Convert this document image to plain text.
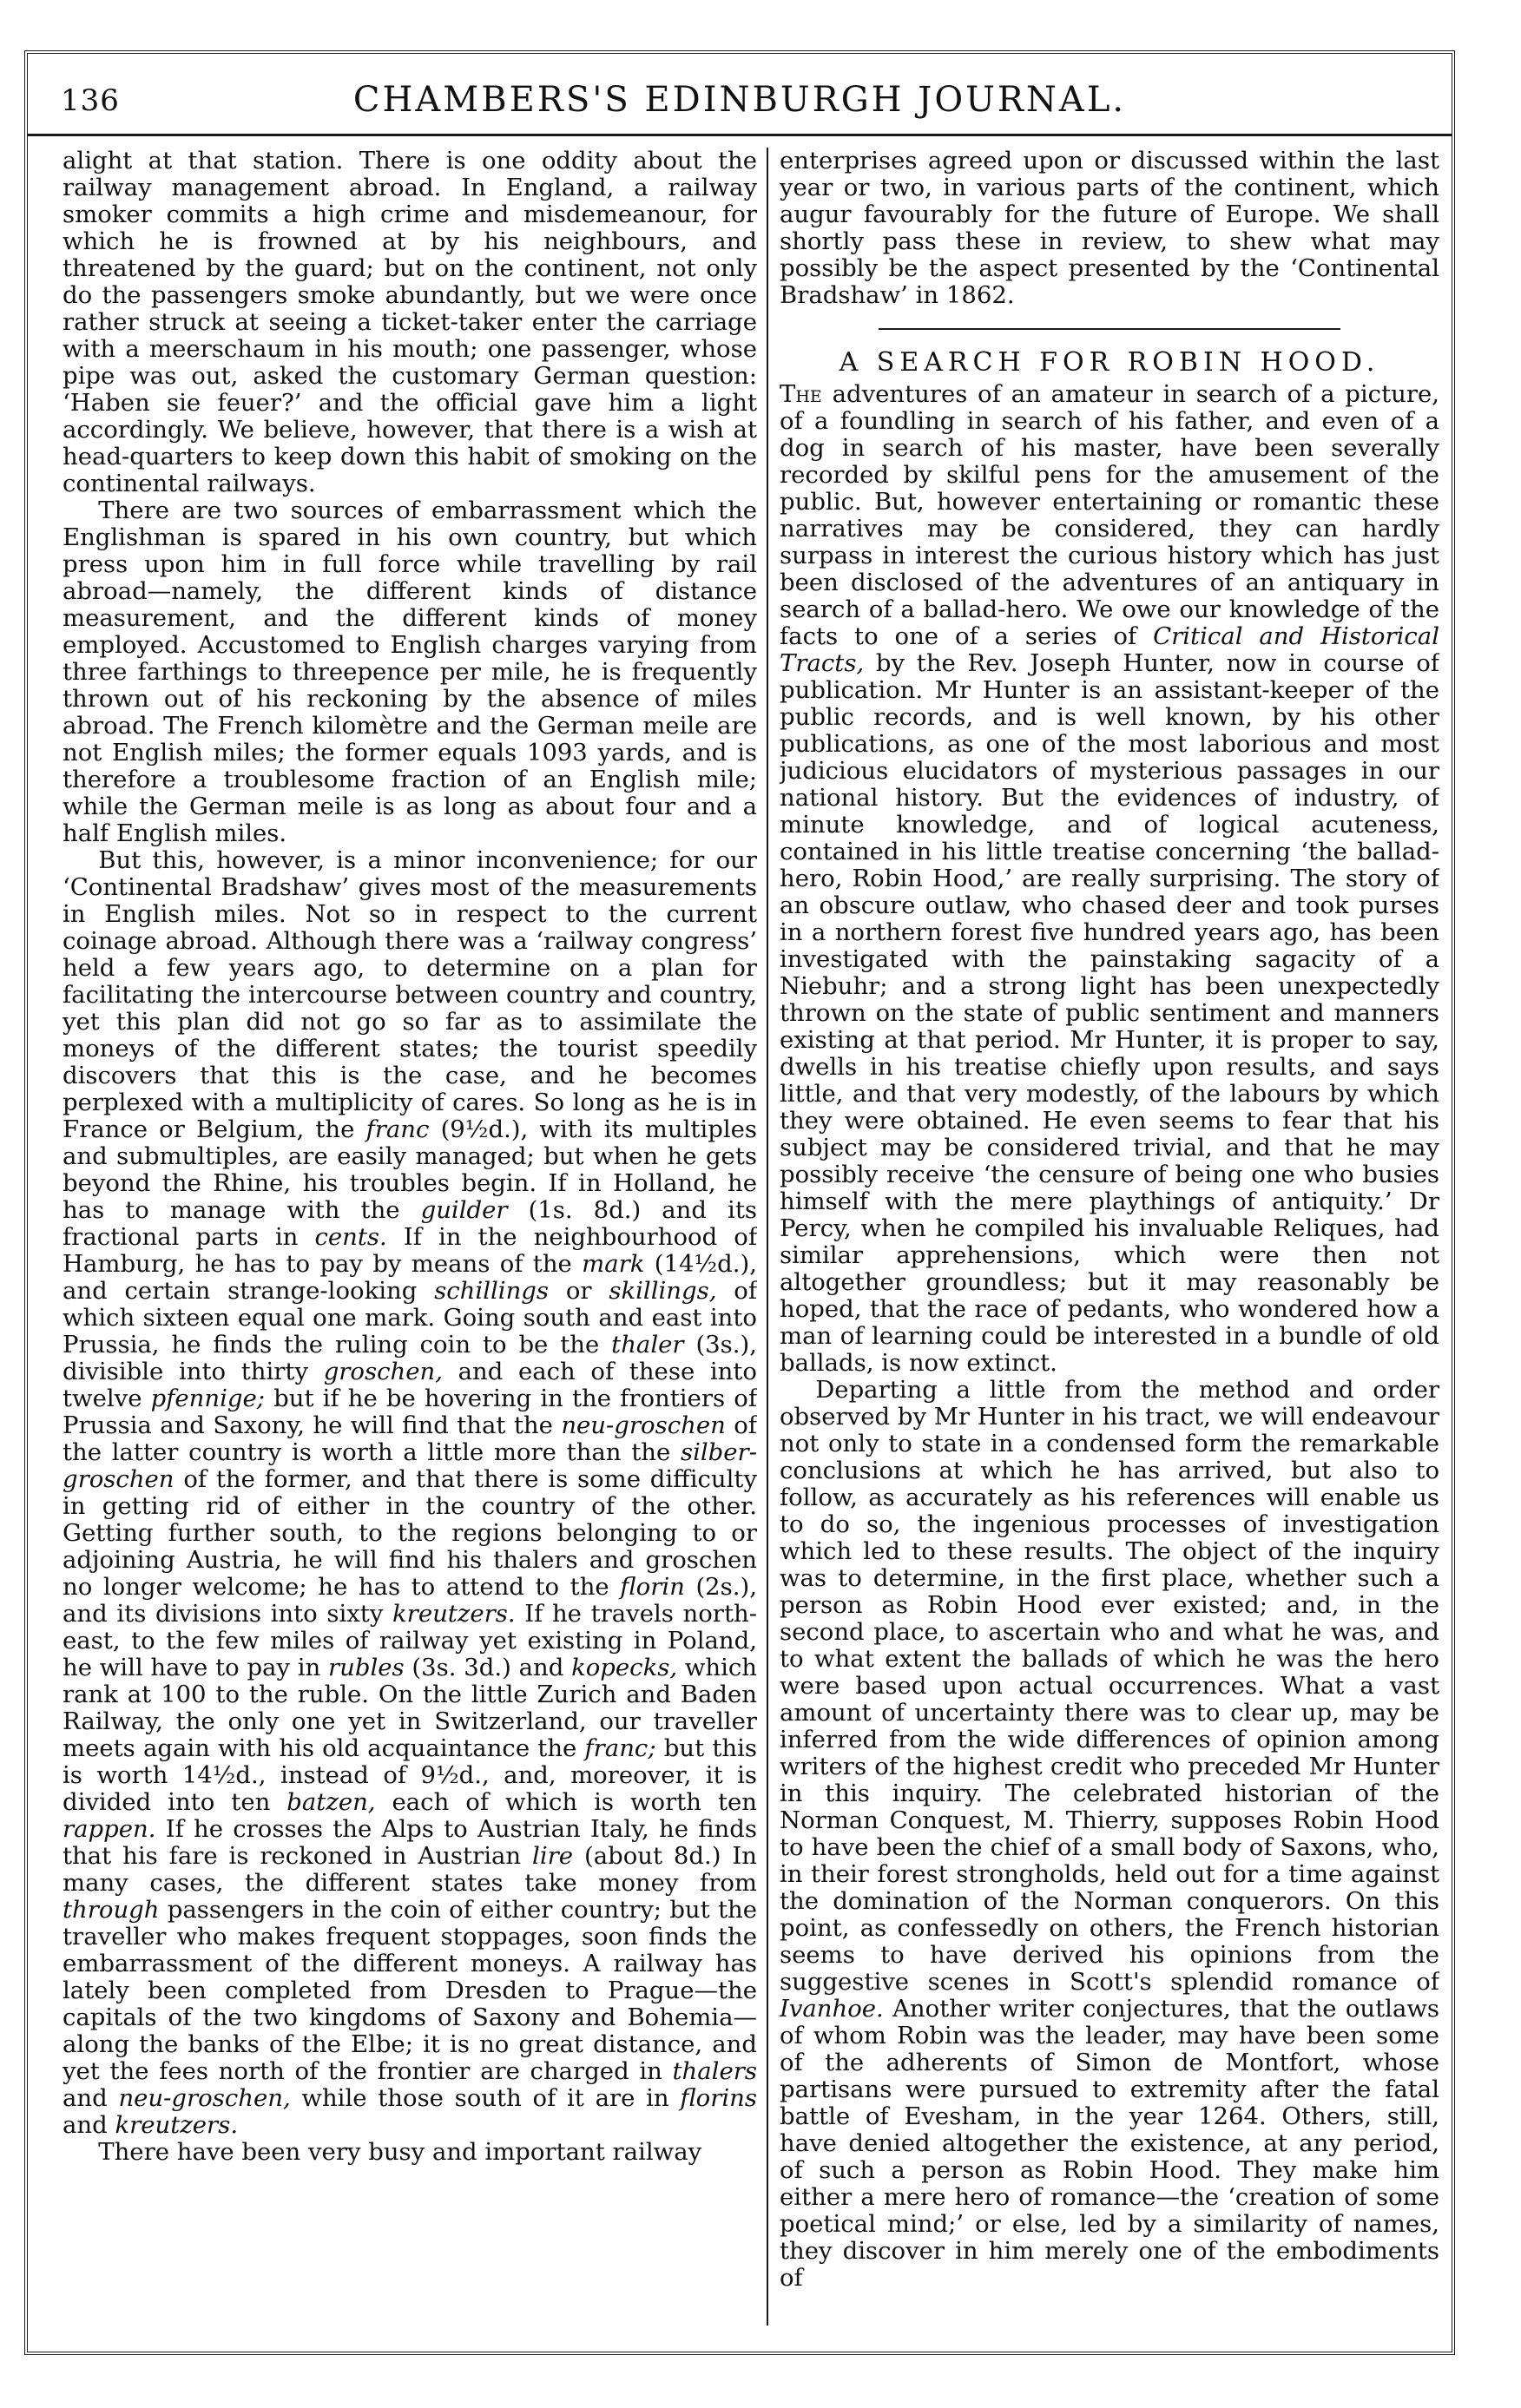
136	CHAMBERS'S EDINBURGH JOURNAL.

alight at that station. There is one oddity about the railway management abroad. In England, a railway smoker commits a high crime and misdemeanour, for which he is frowned at by his neighbours, and threatened by the guard; but on the continent, not only do the passengers smoke abundantly, but we were once rather struck at seeing a ticket-taker enter the carriage with a meerschaum in his mouth; one passenger, whose pipe was out, asked the customary German question: ‘Haben sie feuer?’ and the official gave him a light accordingly. We believe, however, that there is a wish at head-quarters to keep down this habit of smoking on the continental railways.

There are two sources of embarrassment which the Englishman is spared in his own country, but which press upon him in full force while travelling by rail abroad—namely, the different kinds of distance measurement, and the different kinds of money employed. Accustomed to English charges varying from three farthings to threepence per mile, he is frequently thrown out of his reckoning by the absence of miles abroad. The French kilomètre and the German meile are not English miles; the former equals 1093 yards, and is therefore a troublesome fraction of an English mile; while the German meile is as long as about four and a half English miles.

But this, however, is a minor inconvenience; for our ‘Continental Bradshaw’ gives most of the measurements in English miles. Not so in respect to the current coinage abroad. Although there was a ‘railway congress’ held a few years ago, to determine on a plan for facilitating the intercourse between country and country, yet this plan did not go so far as to assimilate the moneys of the different states; the tourist speedily discovers that this is the case, and he becomes perplexed with a multiplicity of cares. So long as he is in France or Belgium, the franc (9½d.), with its multiples and submultiples, are easily managed; but when he gets beyond the Rhine, his troubles begin. If in Holland, he has to manage with the guilder (1s. 8d.) and its fractional parts in cents. If in the neighbourhood of Hamburg, he has to pay by means of the mark (14½d.), and certain strange-looking schillings or skillings, of which sixteen equal one mark. Going south and east into Prussia, he finds the ruling coin to be the thaler (3s.), divisible into thirty groschen, and each of these into twelve pfennige; but if he be hovering in the frontiers of Prussia and Saxony, he will find that the neu-groschen of the latter country is worth a little more than the silber-groschen of the former, and that there is some difficulty in getting rid of either in the country of the other. Getting further south, to the regions belonging to or adjoining Austria, he will find his thalers and groschen no longer welcome; he has to attend to the florin (2s.), and its divisions into sixty kreutzers. If he travels north-east, to the few miles of railway yet existing in Poland, he will have to pay in rubles (3s. 3d.) and kopecks, which rank at 100 to the ruble. On the little Zurich and Baden Railway, the only one yet in Switzerland, our traveller meets again with his old acquaintance the franc; but this is worth 14½d., instead of 9½d., and, moreover, it is divided into ten batzen, each of which is worth ten rappen. If he crosses the Alps to Austrian Italy, he finds that his fare is reckoned in Austrian lire (about 8d.) In many cases, the different states take money from through passengers in the coin of either country; but the traveller who makes frequent stoppages, soon finds the embarrassment of the different moneys. A railway has lately been completed from Dresden to Prague—the capitals of the two kingdoms of Saxony and Bohemia—along the banks of the Elbe; it is no great distance, and yet the fees north of the frontier are charged in thalers and neu-groschen, while those south of it are in florins and kreutzers.

There have been very busy and important railway

enterprises agreed upon or discussed within the last year or two, in various parts of the continent, which augur favourably for the future of Europe. We shall shortly pass these in review, to shew what may possibly be the aspect presented by the ‘Continental Bradshaw’ in 1862.

A SEARCH FOR ROBIN HOOD.

The adventures of an amateur in search of a picture, of a foundling in search of his father, and even of a dog in search of his master, have been severally recorded by skilful pens for the amusement of the public. But, however entertaining or romantic these narratives may be considered, they can hardly surpass in interest the curious history which has just been disclosed of the adventures of an antiquary in search of a ballad-hero. We owe our knowledge of the facts to one of a series of Critical and Historical Tracts, by the Rev. Joseph Hunter, now in course of publication. Mr Hunter is an assistant-keeper of the public records, and is well known, by his other publications, as one of the most laborious and most judicious elucidators of mysterious passages in our national history. But the evidences of industry, of minute knowledge, and of logical acuteness, contained in his little treatise concerning ‘the ballad-hero, Robin Hood,’ are really surprising. The story of an obscure outlaw, who chased deer and took purses in a northern forest five hundred years ago, has been investigated with the painstaking sagacity of a Niebuhr; and a strong light has been unexpectedly thrown on the state of public sentiment and manners existing at that period. Mr Hunter, it is proper to say, dwells in his treatise chiefly upon results, and says little, and that very modestly, of the labours by which they were obtained. He even seems to fear that his subject may be considered trivial, and that he may possibly receive ‘the censure of being one who busies himself with the mere playthings of antiquity.’ Dr Percy, when he compiled his invaluable Reliques, had similar apprehensions, which were then not altogether groundless; but it may reasonably be hoped, that the race of pedants, who wondered how a man of learning could be interested in a bundle of old ballads, is now extinct.

Departing a little from the method and order observed by Mr Hunter in his tract, we will endeavour not only to state in a condensed form the remarkable conclusions at which he has arrived, but also to follow, as accurately as his references will enable us to do so, the ingenious processes of investigation which led to these results. The object of the inquiry was to determine, in the first place, whether such a person as Robin Hood ever existed; and, in the second place, to ascertain who and what he was, and to what extent the ballads of which he was the hero were based upon actual occurrences. What a vast amount of uncertainty there was to clear up, may be inferred from the wide differences of opinion among writers of the highest credit who preceded Mr Hunter in this inquiry. The celebrated historian of the Norman Conquest, M. Thierry, supposes Robin Hood to have been the chief of a small body of Saxons, who, in their forest strongholds, held out for a time against the domination of the Norman conquerors. On this point, as confessedly on others, the French historian seems to have derived his opinions from the suggestive scenes in Scott's splendid romance of Ivanhoe. Another writer conjectures, that the outlaws of whom Robin was the leader, may have been some of the adherents of Simon de Montfort, whose partisans were pursued to extremity after the fatal battle of Evesham, in the year 1264. Others, still, have denied altogether the existence, at any period, of such a person as Robin Hood. They make him either a mere hero of romance—the ‘creation of some poetical mind;’ or else, led by a similarity of names, they discover in him merely one of the embodiments of
